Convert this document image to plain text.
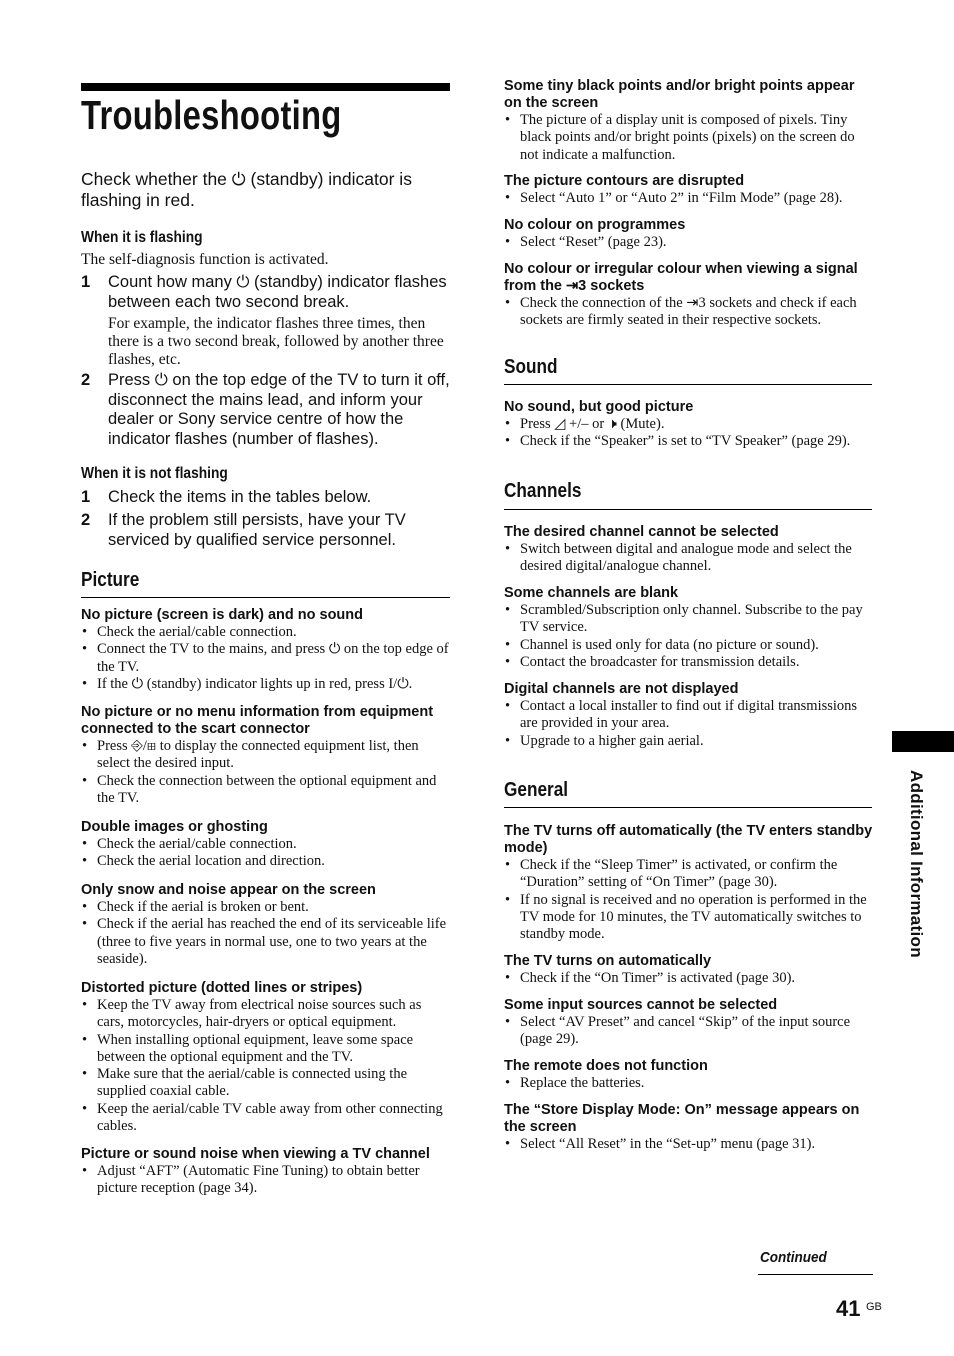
Troubleshooting
Check whether the ⏻ (standby) indicator is flashing in red.
When it is flashing
The self-diagnosis function is activated.
1 Count how many ⏻ (standby) indicator flashes between each two second break.
For example, the indicator flashes three times, then there is a two second break, followed by another three flashes, etc.
2 Press ⏻ on the top edge of the TV to turn it off, disconnect the mains lead, and inform your dealer or Sony service centre of how the indicator flashes (number of flashes).
When it is not flashing
1 Check the items in the tables below.
2 If the problem still persists, have your TV serviced by qualified service personnel.
Picture
No picture (screen is dark) and no sound
• Check the aerial/cable connection.
• Connect the TV to the mains, and press ⏻ on the top edge of the TV.
• If the ⏻ (standby) indicator lights up in red, press I/⏻.
No picture or no menu information from equipment connected to the scart connector
• Press ⎆/⊞ to display the connected equipment list, then select the desired input.
• Check the connection between the optional equipment and the TV.
Double images or ghosting
• Check the aerial/cable connection.
• Check the aerial location and direction.
Only snow and noise appear on the screen
• Check if the aerial is broken or bent.
• Check if the aerial has reached the end of its serviceable life (three to five years in normal use, one to two years at the seaside).
Distorted picture (dotted lines or stripes)
• Keep the TV away from electrical noise sources such as cars, motorcycles, hair-dryers or optical equipment.
• When installing optional equipment, leave some space between the optional equipment and the TV.
• Make sure that the aerial/cable is connected using the supplied coaxial cable.
• Keep the aerial/cable TV cable away from other connecting cables.
Picture or sound noise when viewing a TV channel
• Adjust “AFT” (Automatic Fine Tuning) to obtain better picture reception (page 34).
Some tiny black points and/or bright points appear on the screen
• The picture of a display unit is composed of pixels. Tiny black points and/or bright points (pixels) on the screen do not indicate a malfunction.
The picture contours are disrupted
• Select “Auto 1” or “Auto 2” in “Film Mode” (page 28).
No colour on programmes
• Select “Reset” (page 23).
No colour or irregular colour when viewing a signal from the ⇥3 sockets
• Check the connection of the ⇥3 sockets and check if each sockets are firmly seated in their respective sockets.
Sound
No sound, but good picture
• Press ◿ +/– or 🕨 (Mute).
• Check if the “Speaker” is set to “TV Speaker” (page 29).
Channels
The desired channel cannot be selected
• Switch between digital and analogue mode and select the desired digital/analogue channel.
Some channels are blank
• Scrambled/Subscription only channel. Subscribe to the pay TV service.
• Channel is used only for data (no picture or sound).
• Contact the broadcaster for transmission details.
Digital channels are not displayed
• Contact a local installer to find out if digital transmissions are provided in your area.
• Upgrade to a higher gain aerial.
General
The TV turns off automatically (the TV enters standby mode)
• Check if the “Sleep Timer” is activated, or confirm the “Duration” setting of “On Timer” (page 30).
• If no signal is received and no operation is performed in the TV mode for 10 minutes, the TV automatically switches to standby mode.
The TV turns on automatically
• Check if the “On Timer” is activated (page 30).
Some input sources cannot be selected
• Select “AV Preset” and cancel “Skip” of the input source (page 29).
The remote does not function
• Replace the batteries.
The “Store Display Mode: On” message appears on the screen
• Select “All Reset” in the “Set-up” menu (page 31).
Additional Information
Continued
41 GB
